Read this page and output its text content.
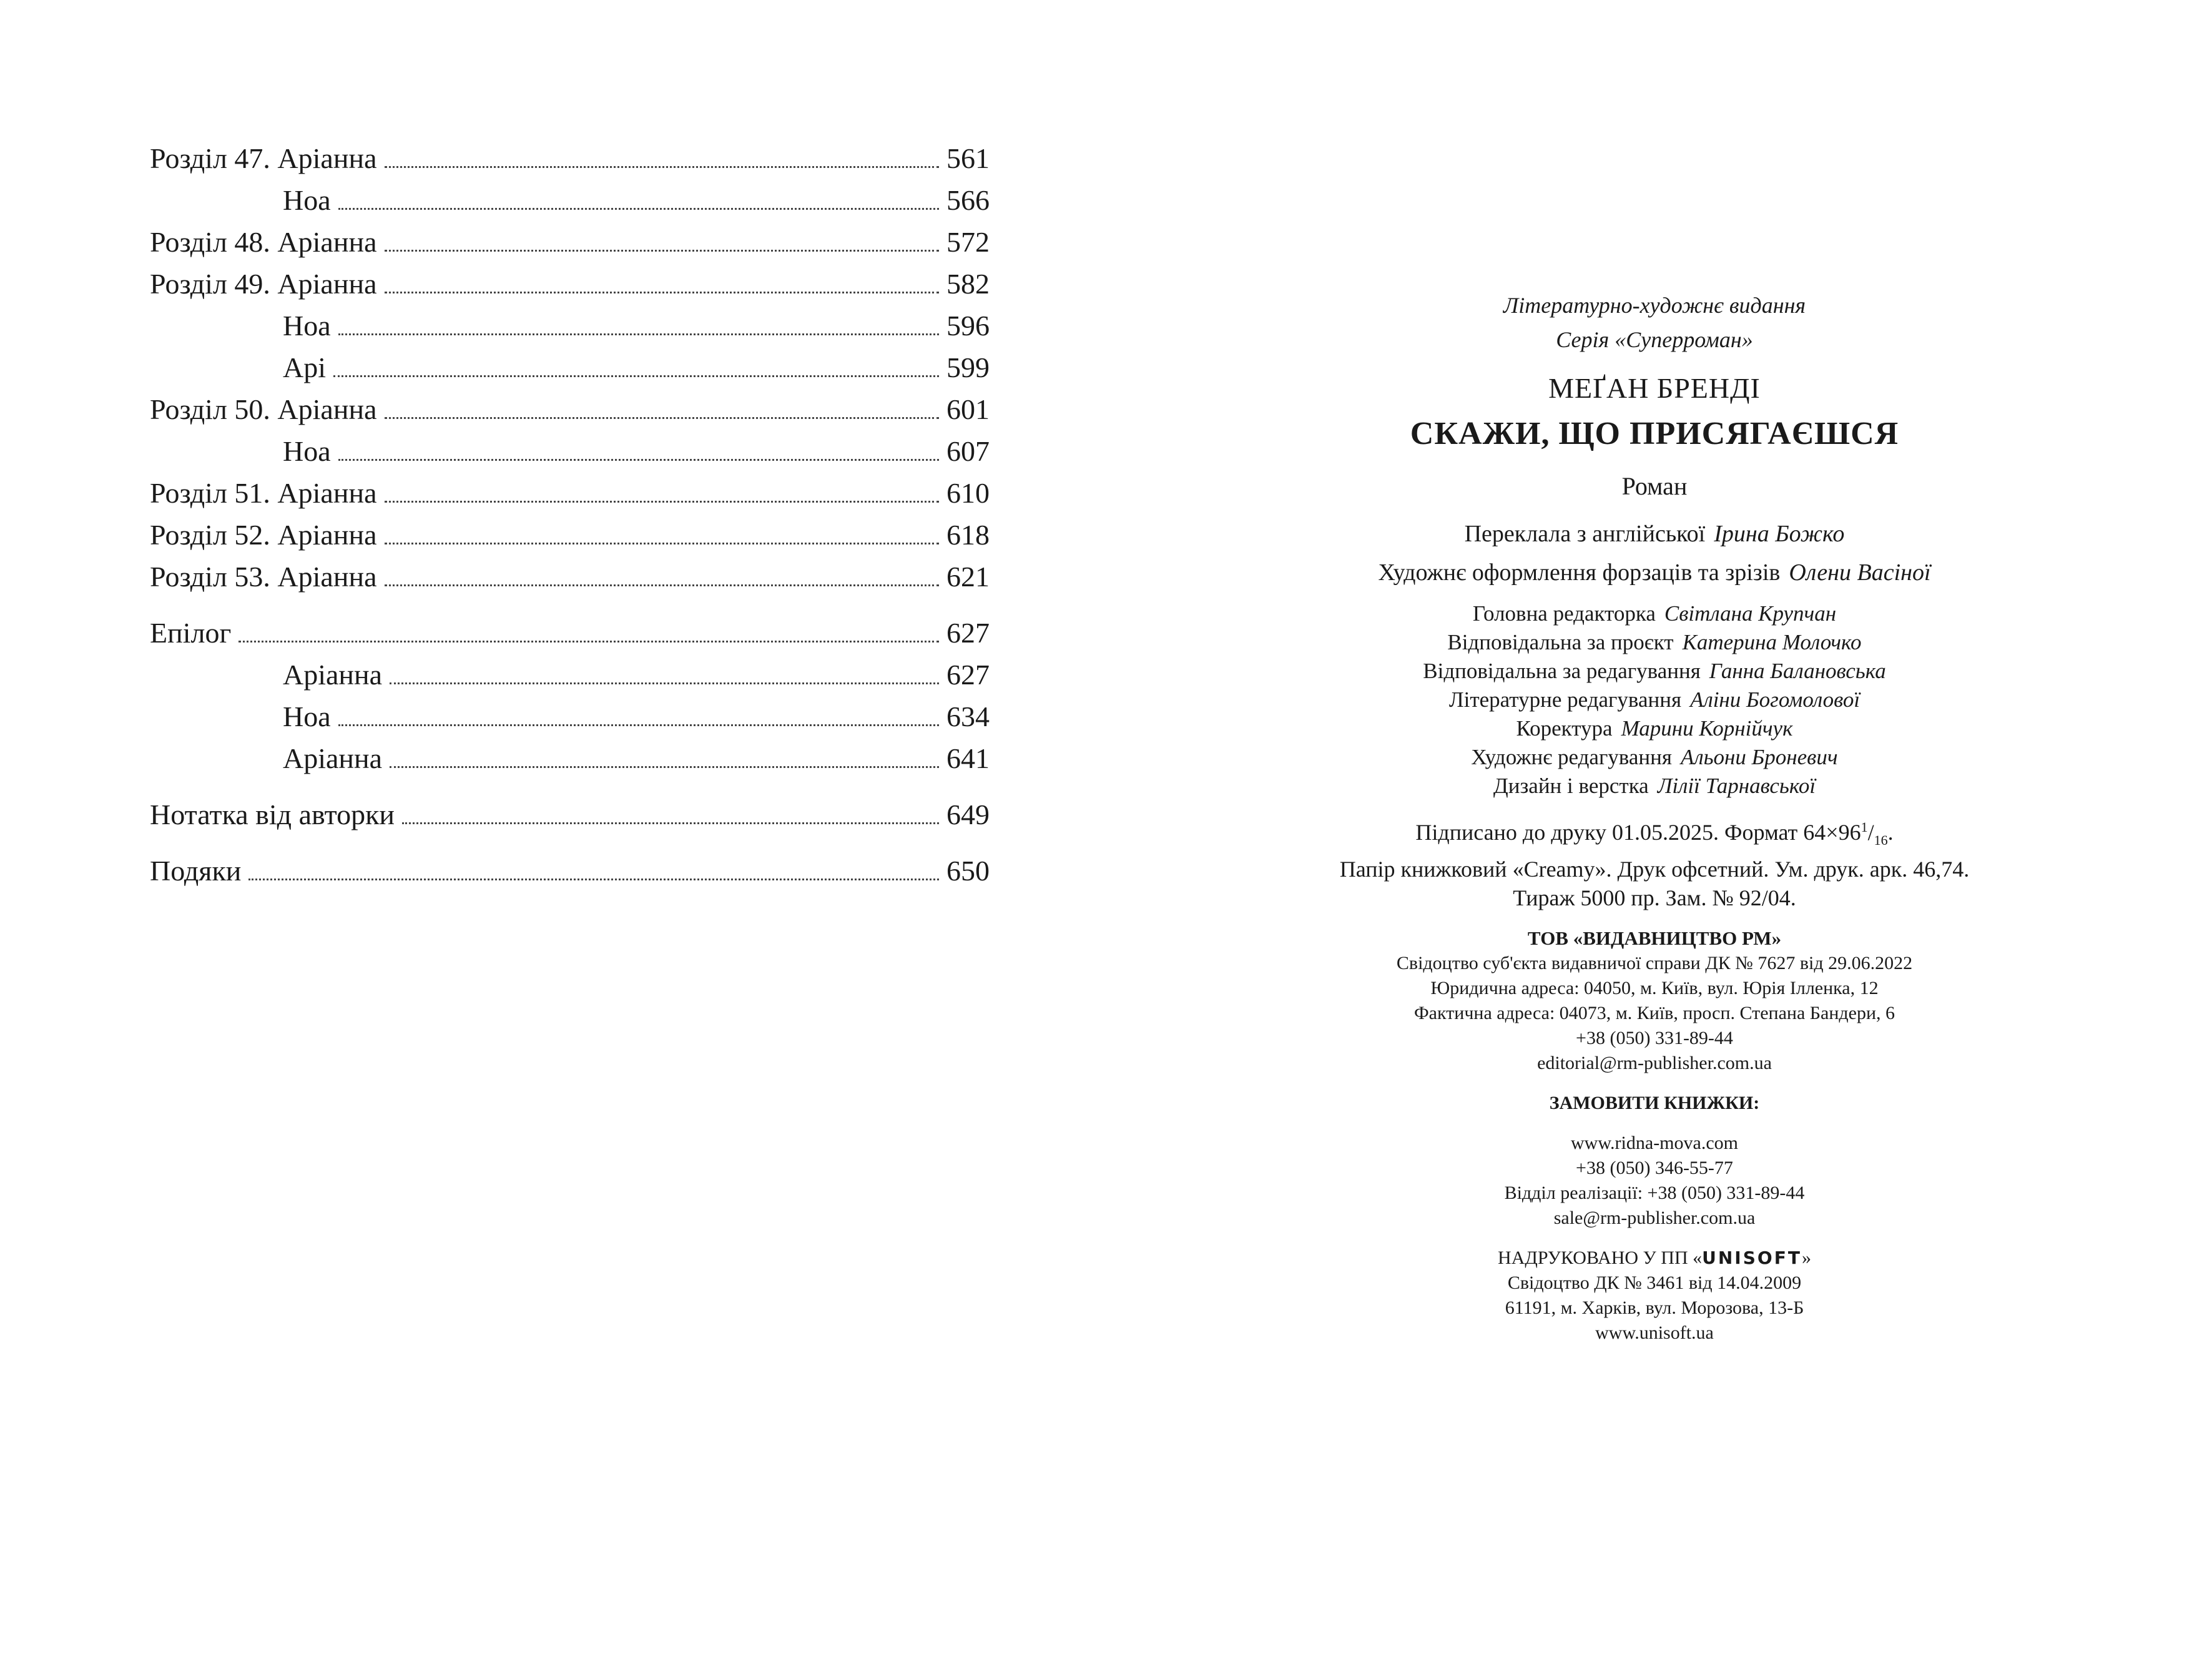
Розділ 47. Аріанна	561
Ноа	566
Розділ 48. Аріанна	572
Розділ 49. Аріанна	582
Ноа	596
Арі	599
Розділ 50. Аріанна	601
Ноа	607
Розділ 51. Аріанна	610
Розділ 52. Аріанна	618
Розділ 53. Аріанна	621
Епілог	627
Аріанна	627
Ноа	634
Аріанна	641
Нотатка від авторки	649
Подяки	650
Літературно-художнє видання
Серія «Суперроман»
МЕҐАН БРЕНДІ
СКАЖИ, ЩО ПРИСЯГАЄШСЯ
Роман
Переклала з англійської Ірина Божко
Художнє оформлення форзаців та зрізів Олени Васіної
Головна редакторка Світлана Крупчан
Відповідальна за проєкт Катерина Молочко
Відповідальна за редагування Ганна Балановська
Літературне редагування Аліни Богомолової
Коректура Марини Корнійчук
Художнє редагування Альони Броневич
Дизайн і верстка Лілії Тарнавської
Підписано до друку 01.05.2025. Формат $64\times 96^1/_{16}$.
Папір книжковий «Creamy». Друк офсетний. Ум. друк. арк. 46,74.
Тираж 5000 пр. Зам. № 92/04.
ТОВ «ВИДАВНИЦТВО РМ»
Свідоцтво суб'єкта видавничої справи ДК № 7627 від 29.06.2022
Юридична адреса: 04050, м. Київ, вул. Юрія Ілленка, 12
Фактична адреса: 04073, м. Київ, просп. Степана Бандери, 6
+38 (050) 331-89-44
editorial@rm-publisher.com.ua
ЗАМОВИТИ КНИЖКИ:
www.ridna-mova.com
+38 (050) 346-55-77
Відділ реалізації: +38 (050) 331-89-44
sale@rm-publisher.com.ua
НАДРУКОВАНО У ПП «UNISOFT»
Свідоцтво ДК № 3461 від 14.04.2009
61191, м. Харків, вул. Морозова, 13-Б
www.unisoft.ua
